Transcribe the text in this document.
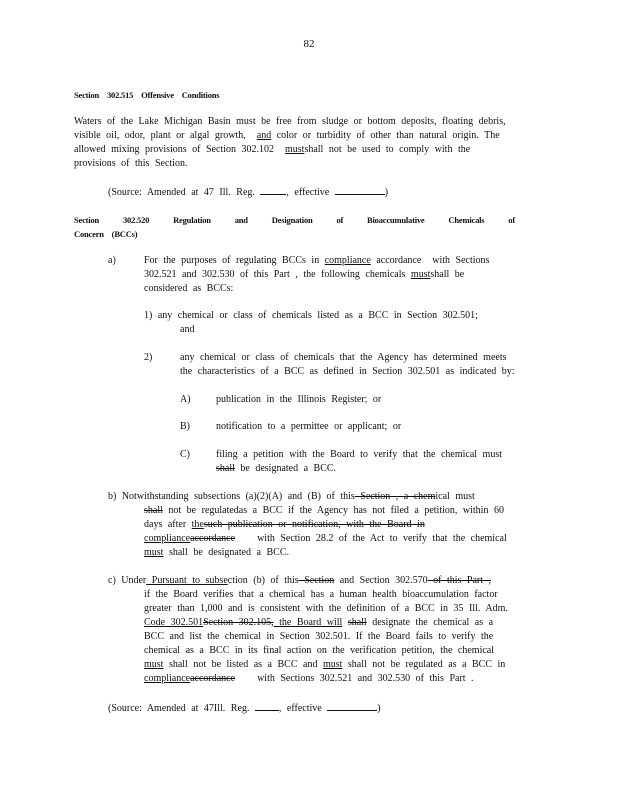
82
Section 302.515 Offensive Conditions
Waters of the Lake Michigan Basin must be free from sludge or bottom deposits, floating debris,
visible oil, odor, plant or algal growth, and color or turbidity of other than natural origin. The
allowed mixing provisions of Section 302.102 mustshall not be used to comply with the
provisions of this Section.
(Source: Amended at 47 Ill. Reg.	, effective	)
Section 302.520 Regulation and Designation of Bioaccumulative Chemicals of
Concern (BCCs)
a)	For the purposes of regulating BCCs in compliance accordance with Sections
302.521 and 302.530 of this Part , the following chemicals mustshall be
considered as BCCs:
1) any chemical or class of chemicals listed as a BCC in Section 302.501;
and
2)	any chemical or class of chemicals that the Agency has determined meets
the characteristics of a BCC as defined in Section 302.501 as indicated by:
A)	publication in the Illinois Register; or
B)	notification to a permittee or applicant; or
C)	filing a petition with the Board to verify that the chemical must
shall be designated a BCC.
b) Notwithstanding subsections (a)(2)(A) and (B) of this Section , a chemical must
shall not be regulatedas a BCC if the Agency has not filed a petition, within 60
days after thesuch publication or notification, with the Board in
complianceaccordance with Section 28.2 of the Act to verify that the chemical
must shall be designated a BCC.
c) Under Pursuant to subsection (b) of this Section and Section 302.570 of this Part ,
if the Board verifies that a chemical has a human health bioaccumulation factor
greater than 1,000 and is consistent with the definition of a BCC in 35 Ill. Adm.
Code 302.501Section 302.105, the Board will shall designate the chemical as a
BCC and list the chemical in Section 302.501. If the Board fails to verify the
chemical as a BCC in its final action on the verification petition, the chemical
must shall not be listed as a BCC and must shall not be regulated as a BCC in
complianceaccordance with Sections 302.521 and 302.530 of this Part .
(Source: Amended at 47Ill. Reg.	, effective	)
